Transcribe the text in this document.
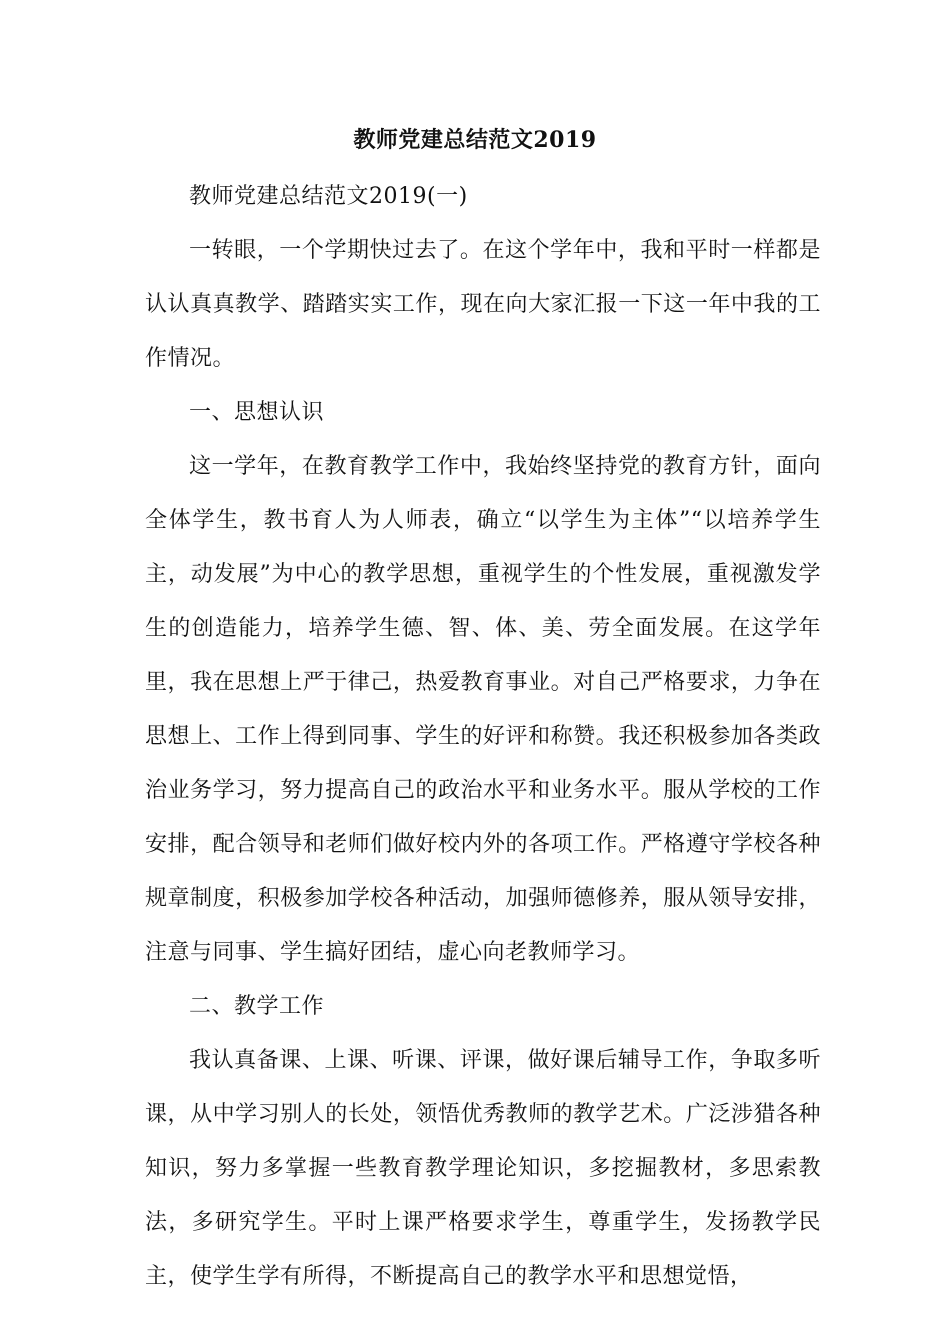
教师党建总结范文2019

教师党建总结范文2019(一)

一转眼，一个学期快过去了。在这个学年中，我和平时一样都是认认真真教学、踏踏实实工作，现在向大家汇报一下这一年中我的工作情况。

一、思想认识

这一学年，在教育教学工作中，我始终坚持党的教育方针，面向全体学生，教书育人为人师表，确立“以学生为主体”“以培养学生主，动发展”为中心的教学思想，重视学生的个性发展，重视激发学生的创造能力，培养学生德、智、体、美、劳全面发展。在这学年里，我在思想上严于律己，热爱教育事业。对自己严格要求，力争在思想上、工作上得到同事、学生的好评和称赞。我还积极参加各类政治业务学习，努力提高自己的政治水平和业务水平。服从学校的工作安排，配合领导和老师们做好校内外的各项工作。严格遵守学校各种规章制度，积极参加学校各种活动，加强师德修养，服从领导安排，注意与同事、学生搞好团结，虚心向老教师学习。

二、教学工作

我认真备课、上课、听课、评课，做好课后辅导工作，争取多听课，从中学习别人的长处，领悟优秀教师的教学艺术。广泛涉猎各种知识，努力多掌握一些教育教学理论知识，多挖掘教材，多思索教法，多研究学生。平时上课严格要求学生，尊重学生，发扬教学民主，使学生学有所得，不断提高自己的教学水平和思想觉悟，
